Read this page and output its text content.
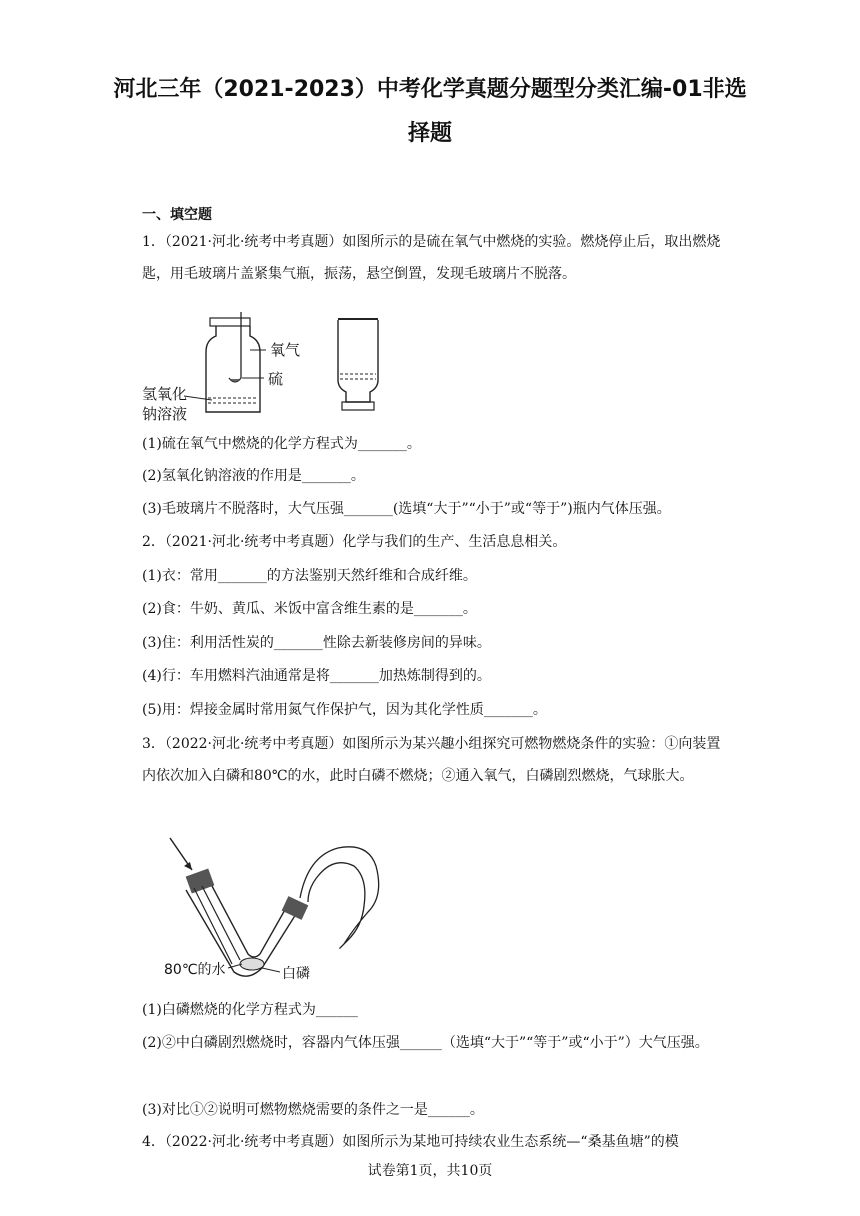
河北三年（2021-2023）中考化学真题分题型分类汇编-01非选择题
一、填空题
1．（2021·河北·统考中考真题）如图所示的是硫在氧气中燃烧的实验。燃烧停止后，取出燃烧匙，用毛玻璃片盖紧集气瓶，振荡，悬空倒置，发现毛玻璃片不脱落。
氧气
硫
氢氧化
钠溶液
(1)硫在氧气中燃烧的化学方程式为_______。
(2)氢氧化钠溶液的作用是_______。
(3)毛玻璃片不脱落时，大气压强_______(选填“大于”“小于”或“等于”)瓶内气体压强。
2．（2021·河北·统考中考真题）化学与我们的生产、生活息息相关。
(1)衣：常用_______的方法鉴别天然纤维和合成纤维。
(2)食：牛奶、黄瓜、米饭中富含维生素的是_______。
(3)住：利用活性炭的_______性除去新装修房间的异味。
(4)行：车用燃料汽油通常是将_______加热炼制得到的。
(5)用：焊接金属时常用氮气作保护气，因为其化学性质_______。
3．（2022·河北·统考中考真题）如图所示为某兴趣小组探究可燃物燃烧条件的实验：①向装置内依次加入白磷和80℃的水，此时白磷不燃烧；②通入氧气，白磷剧烈燃烧，气球胀大。
80℃的水	白磷
(1)白磷燃烧的化学方程式为______
(2)②中白磷剧烈燃烧时，容器内气体压强______（选填“大于”“等于”或“小于”）大气压强。
(3)对比①②说明可燃物燃烧需要的条件之一是______。
4．（2022·河北·统考中考真题）如图所示为某地可持续农业生态系统—“桑基鱼塘”的模
试卷第1页，共10页
